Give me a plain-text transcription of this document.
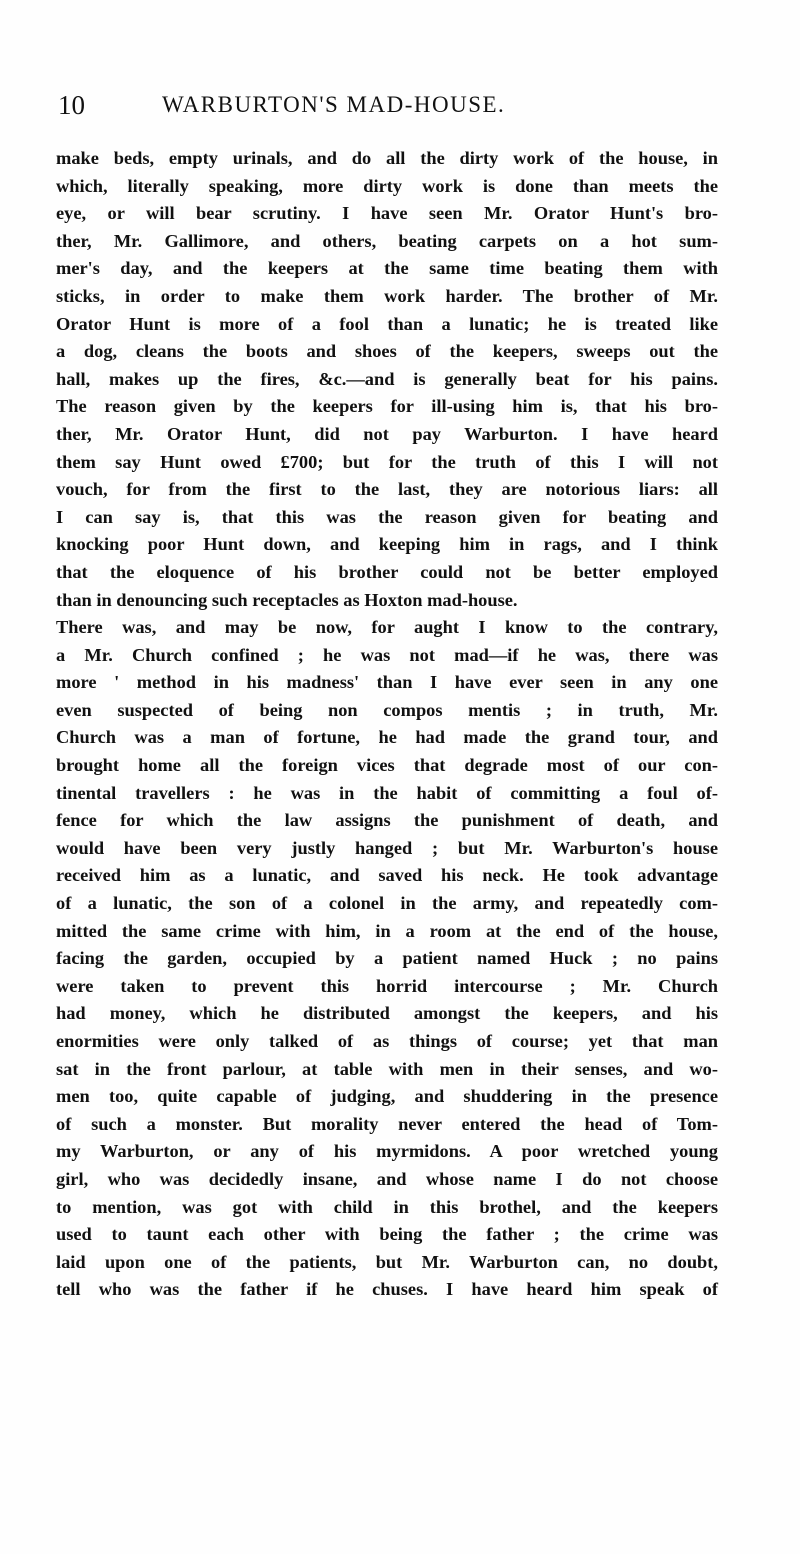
10	WARBURTON'S MAD-HOUSE.
make beds, empty urinals, and do all the dirty work of the house, in
which, literally speaking, more dirty work is done than meets the
eye, or will bear scrutiny. I have seen Mr. Orator Hunt's bro-
ther, Mr. Gallimore, and others, beating carpets on a hot sum-
mer's day, and the keepers at the same time beating them with
sticks, in order to make them work harder. The brother of Mr.
Orator Hunt is more of a fool than a lunatic; he is treated like
a dog, cleans the boots and shoes of the keepers, sweeps out the
hall, makes up the fires, &c.—and is generally beat for his pains.
The reason given by the keepers for ill-using him is, that his bro-
ther, Mr. Orator Hunt, did not pay Warburton. I have heard
them say Hunt owed £700; but for the truth of this I will not
vouch, for from the first to the last, they are notorious liars: all
I can say is, that this was the reason given for beating and
knocking poor Hunt down, and keeping him in rags, and I think
that the eloquence of his brother could not be better employed
than in denouncing such receptacles as Hoxton mad-house.
There was, and may be now, for aught I know to the contrary,
a Mr. Church confined ; he was not mad—if he was, there was
more ' method in his madness' than I have ever seen in any one
even suspected of being non compos mentis ; in truth, Mr.
Church was a man of fortune, he had made the grand tour, and
brought home all the foreign vices that degrade most of our con-
tinental travellers : he was in the habit of committing a foul of-
fence for which the law assigns the punishment of death, and
would have been very justly hanged ; but Mr. Warburton's house
received him as a lunatic, and saved his neck. He took advantage
of a lunatic, the son of a colonel in the army, and repeatedly com-
mitted the same crime with him, in a room at the end of the house,
facing the garden, occupied by a patient named Huck ; no pains
were taken to prevent this horrid intercourse ; Mr. Church
had money, which he distributed amongst the keepers, and his
enormities were only talked of as things of course; yet that man
sat in the front parlour, at table with men in their senses, and wo-
men too, quite capable of judging, and shuddering in the presence
of such a monster. But morality never entered the head of Tom-
my Warburton, or any of his myrmidons. A poor wretched young
girl, who was decidedly insane, and whose name I do not choose
to mention, was got with child in this brothel, and the keepers
used to taunt each other with being the father ; the crime was
laid upon one of the patients, but Mr. Warburton can, no doubt,
tell who was the father if he chuses. I have heard him speak of
